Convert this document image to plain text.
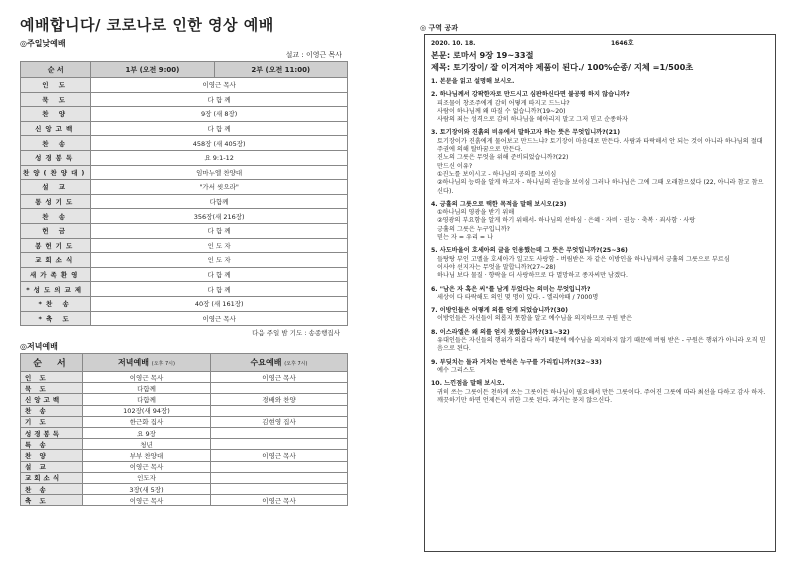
예배합니다/ 코로나로 인한 영상 예배
◎주일낮예배
설교 : 이영근 목사
순 서	1부 (오전 9:00)	2부 (오전 11:00)
인 도	이영근 목사	
묵 도	다 함 께	
찬 양	9장 (새 8장)	
신앙고백	다 함 께	
찬 송	458장 (새 405장)	
성경봉독	요 9:1-12	
찬양(찬양대)	임마누엘 찬양대	
설 교	"가서 씻으라"	
통성기도	다함께	
찬 송	356장(새 216장)	
헌 금	다 함 께	
봉헌기도	인 도 자	
교회소식	인 도 자	
새가족환영	다 함 께	
*성도의교제	다 함 께	
*찬 송	40장 (새 161장)	
*축 도	이영근 목사	
다음 주일 밤 기도 : 송종행집사
◎저녁예배
순 서	저녁예배 (오후 7시)	수요예배 (오후 7시)
인 도	이영근 목사	이영근 목사
묵 도	다함께	
신앙고백	다함께	경배와 찬양
찬 송	102장(새 94장)	
기 도	한근화 집사	김현영 집사
성경봉독	요 9장	
특 송	청년	
찬 양	부부 찬양대	이영근 목사
설 교	이영근 목사	
교회소식	인도자	
찬 송	3장(새 5장)	
축 도	이영근 목사	이영근 목사
◎ 구역 공과
2020. 10. 18.	1646호
본문: 로마서 9장 19~33절
제목: 토기장이/ 잘 이겨져야 제품이 된다./ 100%순종/ 지체 =1/500초
1. 본문을 읽고 설명해 보시오.
2. 하나님께서 강팍한자로 만드시고 심판하신다면 불공평 하지 않습니까?
피조물이 창조주에게 감히 어떻게 따지고 드느냐?
사람이 하나님께 왜 따질 수 없습니까?(19~20)
사람의 죄는 성격으로 감히 하나님을 헤아리지 말고 그저 믿고 순종하자
3. 토기장이와 진흙의 비유에서 말하고자 하는 뜻은 무엇입니까?(21)
토기장이가 진흙에게 물어보고 만드느냐? 토기장이 마음대로 만든다. 사람과 타락해서 안 되는 것이 아니라 하나님의 절대 주권에 의해 탈바꿈으로 만든다.
진노의 그릇은 무엇을 위해 준비되었습니까?(22)
만드신 이유?
①진노를 보이시고 - 하나님의 공의를 보이심
②하나님의 능력을 알게 하고자 - 하나님의 권능을 보이심 그러나 하나님은 그에 그때 오래참으셨다 (22, 아니라 참고 참으신다).
4. 긍휼의 그릇으로 택한 목적을 말해 보시오(23)
①하나님의 영광을 받기 위해
②영광의 부요함을 알게 하기 위해서- 하나님의 선하심 · 은혜 · 자비 · 권능 · 축복 · 죄사함 · 사랑
긍휼의 그릇은 누구입니까?
믿는 자 = 우리 = 나
5. 사도바울이 호세아의 글을 인용했는데 그 뜻은 무엇입니까?(25~36)
들탕탕 부인 고멜을 호세아가 일고도 사랑함 - 버림받은 자 같은 이방인을 하나님께서 긍휼의 그릇으로 부르심
이사야 선지자는 무엇을 말합니까?(27~28)
하나님 보다 물질 · 향락을 더 사랑하므로 다 멸망하고 종자씨만 남겠다.
6. "남은 자 혹은 씨"를 남게 두었다는 의미는 무엇입니까?
세상이 다 타락해도 의인 몇 명이 있다. - 엘리야때 / 7000명
7. 이방인들은 어떻게 의를 얻게 되었습니까?(30)
이방인들은 자신들이 의롭지 못함을 알고 예수님을 의지하므로 구원 받은
8. 이스라엘은 왜 의를 얻지 못했습니까?(31~32)
유대인들은 자신들의 행위가 의롭다 하기 때문에 예수님을 의지하지 않기 때문에 버림 받은 - 구원은 행위가 아니라 오직 믿음으로 된다.
9. 부딪치는 돌과 거치는 반석은 누구를 가리킵니까?(32~33)
예수 그리스도
10. 느낀점을 말해 보시오.
귀히 쓰는 그릇이든 천하게 쓰는 그릇이든 하나님이 필요해서 만든 그릇이다. 주어진 그릇에 따라 최선을 다하고 감사 하자. 깨끗하기만 하면 언제든지 귀한 그릇 된다. 과거는 묻지 않으신다.
